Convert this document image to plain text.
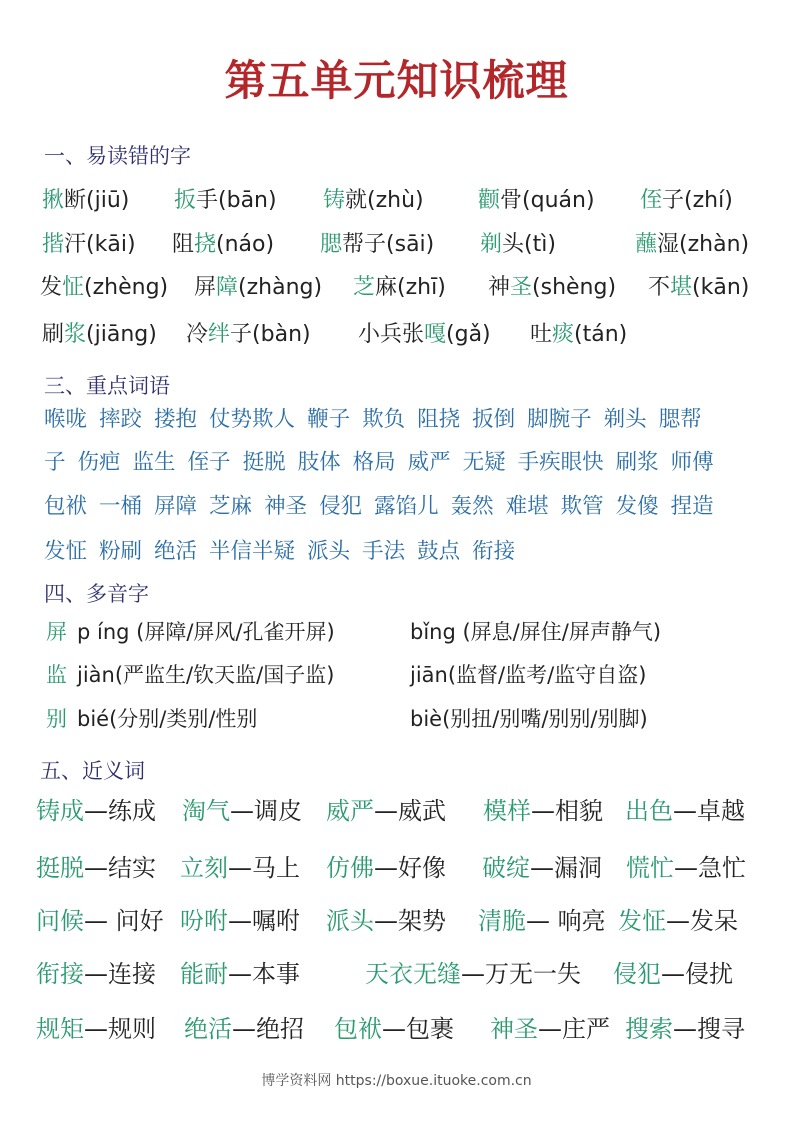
第五单元知识梳理
一、易读错的字
揪断(jiū) 扳手(bān) 铸就(zhù) 颧骨(quán) 侄子(zhí)
揩汗(kāi) 阻挠(náo) 腮帮子(sāi) 剃头(tì)	蘸湿(zhàn)
发怔(zhèng) 屏障(zhàng) 芝麻(zhī) 神圣(shèng) 不堪(kān)
刷浆(jiāng) 冷绊子(bàn) 小兵张嘎(gǎ) 吐痰(tán)
三、重点词语
喉咙 摔跤 搂抱 仗势欺人 鞭子 欺负 阻挠 扳倒 脚腕子 剃头 腮帮
子 伤疤 监生 侄子 挺脱 肢体 格局 威严 无疑 手疾眼快 刷浆 师傅
包袱 一桶 屏障 芝麻 神圣 侵犯 露馅儿 轰然 难堪 欺管 发傻 捏造
发怔 粉刷 绝活 半信半疑 派头 手法 鼓点 衔接
四、多音字
屏 p íng (屏障/屏风/孔雀开屏)	bǐng (屏息/屏住/屏声静气)
监 jiàn(严监生/钦天监/国子监)	jiān(监督/监考/监守自盗)
别 bié(分别/类别/性别	biè(别扭/别嘴/别别/别脚)
五、近义词
铸成—练成 淘气—调皮 威严—威武 模样—相貌 出色—卓越
挺脱—结实 立刻—马上 仿佛—好像 破绽—漏洞 慌忙—急忙
问候— 问好 吩咐—嘱咐 派头—架势 清脆— 响亮 发怔—发呆
衔接—连接 能耐—本事	天衣无缝—万无一失 侵犯—侵扰
规矩—规则 绝活—绝招 包袱—包裹 神圣—庄严 搜索—搜寻
博学资料网 https://boxue.ituoke.com.cn
